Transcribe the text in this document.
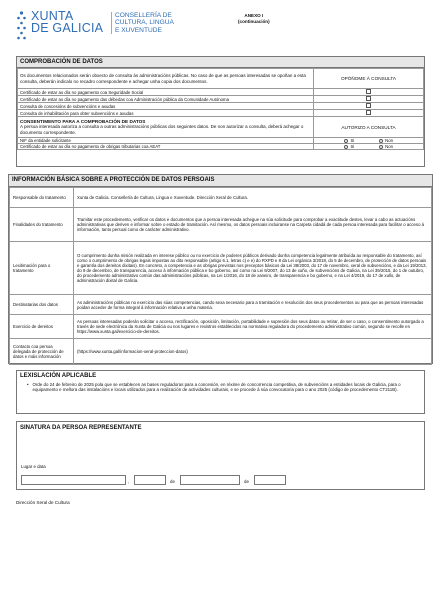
XUNTA
DE GALICIA
CONSELLERÍA DE
CULTURA, LINGUA
E XUVENTUDE
ANEXO I
(continuación)
COMPROBACIÓN DE DATOS
Os documentos relacionados serán obxecto de consulta ás administracións públicas. No caso de que as persoas interesadas se opoñan a esta consulta, deberán indicalo no recadro correspondente e achegar unha copia dos documentos.	OPÓÑOME Á CONSULTA
Certificado de estar ao día no pagamento coa Seguridade Social	
Certificado de estar ao día no pagamento das débedas coa Administración pública da Comunidade Autónoma	
Consulta de concesións de subvencións e axudas	
Consulta de inhabilitación para obter subvencións e axudas	

CONSENTIMENTO PARA A COMPROBACIÓN DE DATOS
A persoa interesada autoriza a consulta a outras administracións públicas dos seguintes datos. De non autorizar a consulta, deberá achegar o documento correspondente.	AUTORIZO A CONSULTA
NIF da entidade solicitante	Si Non
Certificado de estar ao día no pagamento de obrigas tributarias coa AEAT	Si Non
INFORMACIÓN BÁSICA SOBRE A PROTECCIÓN DE DATOS PERSOAIS
Responsable do tratamento	Xunta de Galicia. Consellería de Cultura, Lingua e Xuventude. Dirección Xeral de Cultura.
Finalidades do tratamento	Tramitar este procedemento, verificar os datos e documentos que a persoa interesada achegue na súa solicitude para comprobar a exactitude destes, levar a cabo as actuacións administrativas que deriven e informar sobre o estado de tramitación. Así mesmo, os datos persoais incluiranse na Carpeta cidadá de cada persoa interesada para facilitar o acceso á información, tanto persoal como de carácter administrativo.
Lexitimación para o tratamento	O cumprimento dunha misión realizada en interese público ou no exercicio de poderes públicos derivado dunha competencia legalmente atribuída ao responsable do tratamento, así como o cumprimento de obrigas legais impostas ao dito responsable (artigo 6.1, letras c) e e) do RXPD e 8 da Lei orgánica 3/2018, do 5 de decembro, de protección de datos persoais e garantía dos dereitos dixitais). En concreto, a competencia e as obrigas previstas nos preceptos básicos da Lei 38/2003, do 17 de novembro, xeral de subvencións, e da Lei 19/2013, do 9 de decembro, de transparencia, acceso á información pública e bo goberno, así como na Lei 9/2007, do 13 de xuño, de subvencións de Galicia, na Lei 39/2015, do 1 de outubro, do procedemento administrativo común das administracións públicas, na Lei 1/2016, do 18 de xaneiro, de transparencia e bo goberno, e na Lei 4/2019, do 17 de xullo, de administración dixital de Galicia.
Destinatarias dos datos	As administracións públicas no exercicio das súas competencias, cando sexa necesario para a tramitación e resolución dos seus procedementos ou para que as persoas interesadas poidan acceder de forma integral á información relativa a unha materia.
Exercicio de dereitos	As persoas interesadas poderán solicitar o acceso, rectificación, oposición, limitación, portabilidade e supresión dos seus datos ou retirar, de ser o caso, o consentimento outorgado a través de sede electrónica da Xunta de Galicia ou nos lugares e rexistros establecidos na normativa reguladora do procedemento administrativo común, segundo se recolle en https://www.xunta.gal/exercicio-de-dereitos.
Contacto coa persoa delegada de protección de datos e máis información	(https://www.xunta.gal/informacion-xeral-proteccion-datos)
LEXISLACIÓN APLICABLE
• Orde do 24 de febreiro de 2025 pola que se establecen as bases reguladoras para a concesión, en réxime de concorrencia competitiva, de subvencións a entidades locais de Galicia, para o equipamento e mellora das instalacións e locais utilizados para a realización de actividades culturais, e se procede á súa convocatoria para o ano 2025 (código de procedemento CT211B).
SINATURA DA PERSOA REPRESENTANTE
Lugar e data
,	de	de
Dirección Xeral de Cultura
